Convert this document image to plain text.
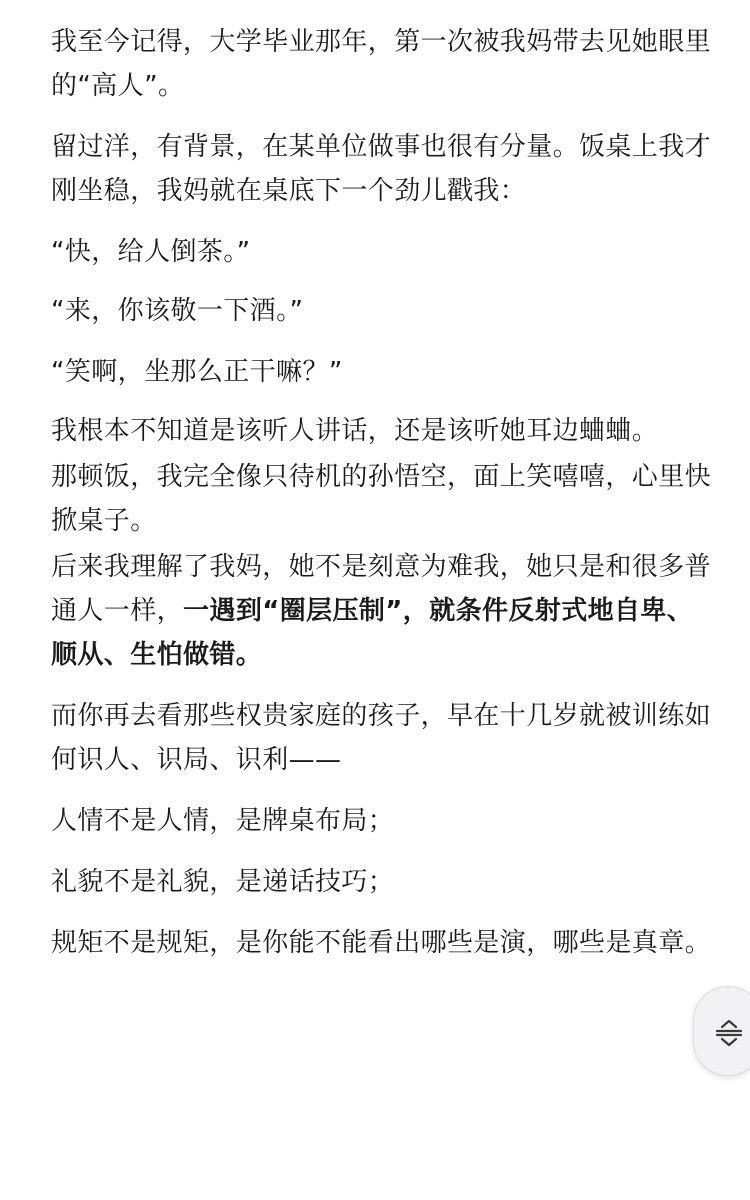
我至今记得，大学毕业那年，第一次被我妈带去见她眼里的“高人”。

留过洋，有背景，在某单位做事也很有分量。饭桌上我才刚坐稳，我妈就在桌底下一个劲儿戳我：

“快，给人倒茶。”

“来，你该敬一下酒。”

“笑啊，坐那么正干嘛？”

我根本不知道是该听人讲话，还是该听她耳边蛐蛐。

那顿饭，我完全像只待机的孙悟空，面上笑嘻嘻，心里快掀桌子。

后来我理解了我妈，她不是刻意为难我，她只是和很多普通人一样，一遇到“圈层压制”，就条件反射式地自卑、顺从、生怕做错。

而你再去看那些权贵家庭的孩子，早在十几岁就被训练如何识人、识局、识利——

人情不是人情，是牌桌布局；

礼貌不是礼貌，是递话技巧；

规矩不是规矩，是你能不能看出哪些是演，哪些是真章。
